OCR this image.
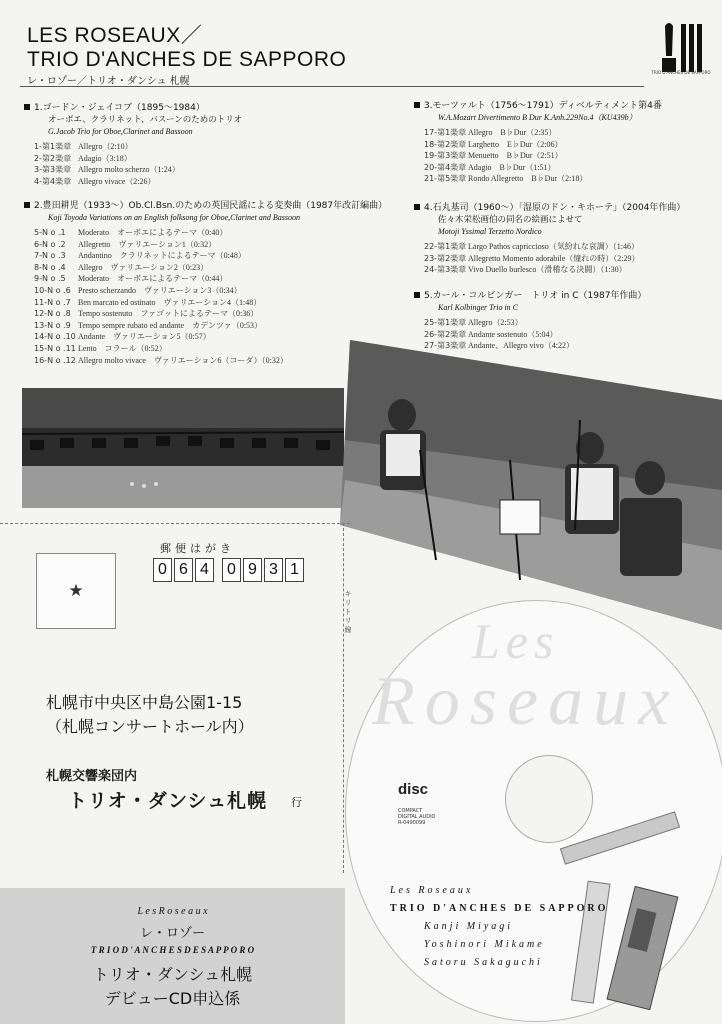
LES ROSEAUX／
TRIO D'ANCHES DE SAPPORO
レ・ロゾー／トリオ・ダンシュ 札幌
TRIO D'ANCHES DE SAPPORO
1.ゴードン・ジェイコブ（1895〜1984）
オーボエ、クラリネット、バスーンのためのトリオ
G.Jacob Trio for Oboe,Clarinet and Bassoon
1-第1楽章 Allegro（2:10）
2-第2楽章 Adagio（3:18）
3-第3楽章 Allegro molto scherzo（1:24）
4-第4楽章 Allegro vivace（2:26）
2.豊田耕児（1933〜）Ob.Cl.Bsn.のための英国民謡による変奏曲（1987年改訂編曲）
Koji Toyoda Variations on an English folksong for Oboe,Clarinet and Bassoon
5-N o .1 Moderato　オーボエによるテーマ（0:40）
6-N o .2 Allegretto　ヴァリエーション1（0:32）
7-N o .3 Andantino　クラリネットによるテーマ（0:48）
8-N o .4 Allegro　ヴァリエーション2（0:23）
9-N o .5 Moderato　オーボエによるテーマ（0:44）
10-N o .6 Presto scherzando　ヴァリエーション3（0:34）
11-N o .7 Ben marcato ed ostinato　ヴァリエーション4（1:48）
12-N o .8 Tempo sostenuto　ファゴットによるテーマ（0:36）
13-N o .9 Tempo sempre rubato ed andante　カデンツァ（0:53）
14-N o .10 Andante　ヴァリエーション5（0:57）
15-N o .11 Lento　コラール（0:52）
16-N o .12 Allegro molto vivace　ヴァリエーション6（コーダ）（0:32）
3.モーツァルト（1756〜1791）ディベルティメント第4番
W.A.Mozart Divertimento B Dur K.Anh.229No.4（KU439b）
17-第1楽章 Allegro　B♭Dur（2:35）
18-第2楽章 Larghetto　E♭Dur（2:06）
19-第3楽章 Menuetto　B♭Dur（2:51）
20-第4楽章 Adagio　B♭Dur（1:51）
21-第5楽章 Rondo Allegretto　B♭Dur（2:18）
4.石丸基司（1960〜）「湿原のドン・キホーテ」（2004年作曲）
佐々木栄松画伯の同名の絵画によせて
Motoji Yssimal Terzetto Nordico
22-第1楽章 Largo Pathos capriccioso（気紛れな哀調）（1:46）
23-第2楽章 Allegretto Momento adorabile（憧れの時）（2:29）
24-第3楽章 Vivo Duello burlesco（滑稽なる決闘）（1:30）
5.カール・コルビンガー　トリオ in C（1987年作曲）
Karl Kolbinger Trio in C
25-第1楽章 Allegro（2:53）
26-第2楽章 Andante sostenuto（5:04）
27-第3楽章 Andante、Allegro vivo（4:22）
キ
リ
ト
リ
線
郵便はがき
★
0 6 4	0 9 3 1
札幌市中央区中島公園1-15
（札幌コンサートホール内）
札幌交響楽団内
トリオ・ダンシュ札幌 行
L e s R o s e a u x
レ・ロゾー
T R I O D ' A N C H E S D E S A P P O R O
トリオ・ダンシュ札幌
デビューCD申込係
Les
Roseaux
disc
COMPACT
DIGITAL AUDIO
R-0490099
Les Roseaux
TRIO D'ANCHES DE SAPPORO
Kanji Miyagi
Yoshinori Mikame
Satoru Sakaguchi
